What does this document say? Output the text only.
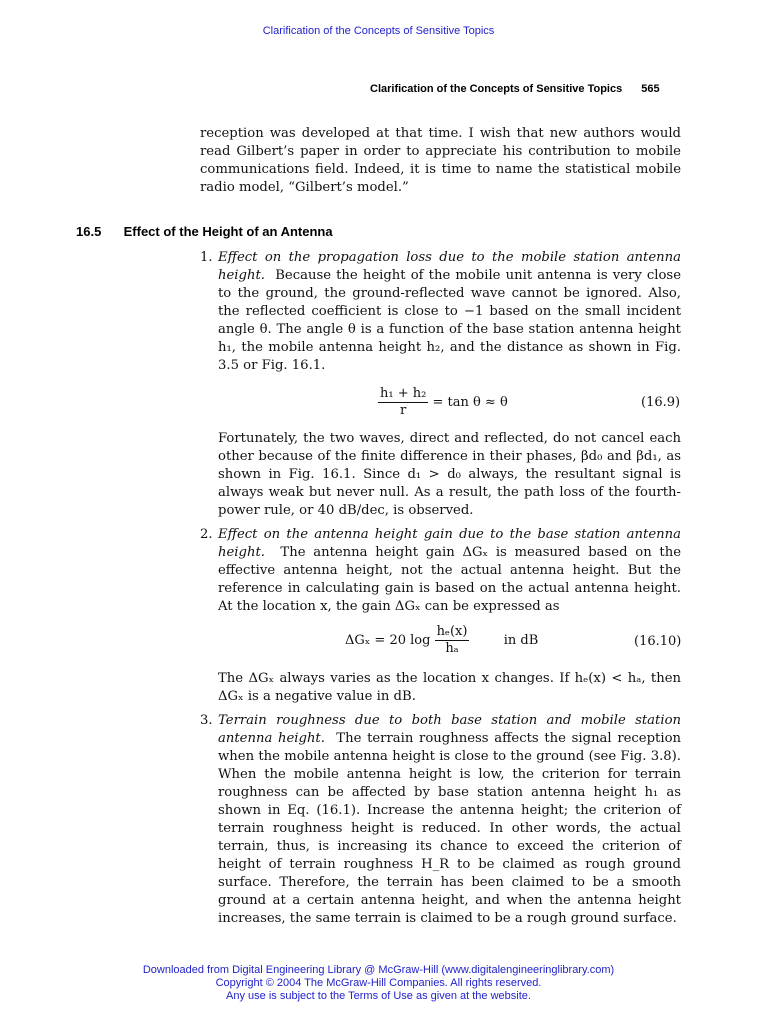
Clarification of the Concepts of Sensitive Topics
Clarification of the Concepts of Sensitive Topics 565

reception was developed at that time. I wish that new authors would read Gilbert’s paper in order to appreciate his contribution to mobile communications field. Indeed, it is time to name the statistical mobile radio model, “Gilbert’s model.”

16.5 Effect of the Height of an Antenna
1. Effect on the propagation loss due to the mobile station antenna height. Because the height of the mobile unit antenna is very close to the ground, the ground-reflected wave cannot be ignored. Also, the reflected coefficient is close to −1 based on the small incident angle θ. The angle θ is a function of the base station antenna height h₁, the mobile antenna height h₂, and the distance as shown in Fig. 3.5 or Fig. 16.1.

$\frac{\text{h₁ + h₂}}{r} = \tan \theta \approx \theta$	(16.9)

Fortunately, the two waves, direct and reflected, do not cancel each other because of the finite difference in their phases, βd₀ and βd₁, as shown in Fig. 16.1. Since d₁ > d₀ always, the resultant signal is always weak but never null. As a result, the path loss of the fourth-power rule, or 40 dB/dec, is observed.

2. Effect on the antenna height gain due to the base station antenna height. The antenna height gain ΔGₓ is measured based on the effective antenna height, not the actual antenna height. But the reference in calculating gain is based on the actual antenna height. At the location x, the gain ΔGₓ can be expressed as

ΔGₓ = 20 $\log \frac{\text{hₑ(x)}}{\text{hₐ}}$	in dB	(16.10)

The ΔGₓ always varies as the location x changes. If hₑ(x) < hₐ, then ΔGₓ is a negative value in dB.

3. Terrain roughness due to both base station and mobile station antenna height. The terrain roughness affects the signal reception when the mobile antenna height is close to the ground (see Fig. 3.8). When the mobile antenna height is low, the criterion for terrain roughness can be affected by base station antenna height h₁ as shown in Eq. (16.1). Increase the antenna height; the criterion of terrain roughness height is reduced. In other words, the actual terrain, thus, is increasing its chance to exceed the criterion of height of terrain roughness H_R to be claimed as rough ground surface. Therefore, the terrain has been claimed to be a smooth ground at a certain antenna height, and when the antenna height increases, the same terrain is claimed to be a rough ground surface.

Downloaded from Digital Engineering Library @ McGraw-Hill (www.digitalengineeringlibrary.com)
Copyright © 2004 The McGraw-Hill Companies. All rights reserved.
Any use is subject to the Terms of Use as given at the website.
